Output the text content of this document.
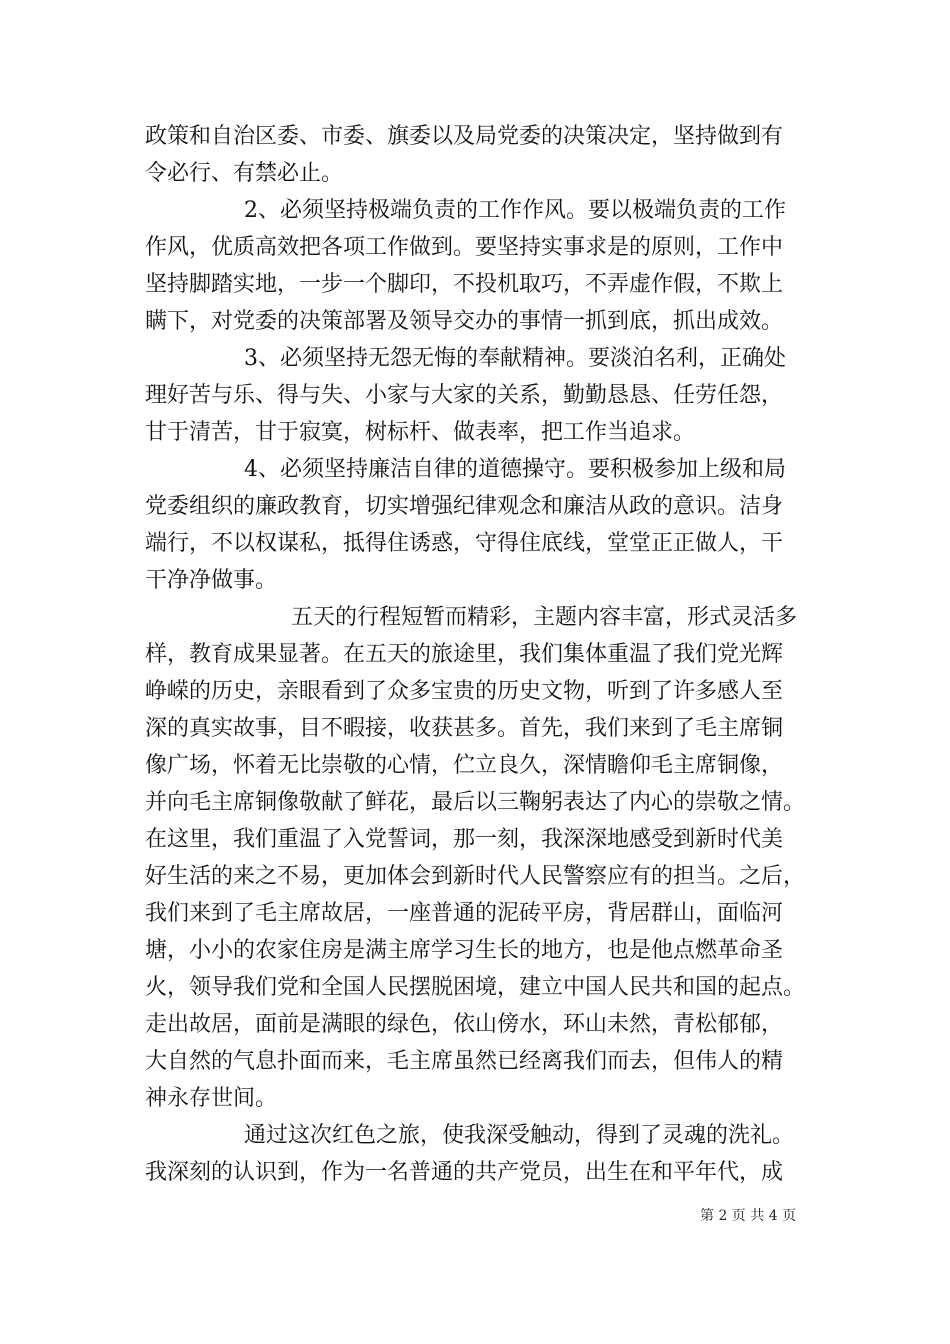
政策和自治区委、市委、旗委以及局党委的决策决定，坚持做到有
令必行、有禁必止。

2、必须坚持极端负责的工作作风。要以极端负责的工作
作风，优质高效把各项工作做到。要坚持实事求是的原则，工作中
坚持脚踏实地，一步一个脚印，不投机取巧，不弄虚作假，不欺上
瞒下，对党委的决策部署及领导交办的事情一抓到底，抓出成效。

3、必须坚持无怨无悔的奉献精神。要淡泊名利，正确处
理好苦与乐、得与失、小家与大家的关系，勤勤恳恳、任劳任怨，
甘于清苦，甘于寂寞，树标杆、做表率，把工作当追求。

4、必须坚持廉洁自律的道德操守。要积极参加上级和局
党委组织的廉政教育，切实增强纪律观念和廉洁从政的意识。洁身
端行，不以权谋私，抵得住诱惑，守得住底线，堂堂正正做人，干
干净净做事。

五天的行程短暂而精彩，主题内容丰富，形式灵活多
样，教育成果显著。在五天的旅途里，我们集体重温了我们党光辉
峥嵘的历史，亲眼看到了众多宝贵的历史文物，听到了许多感人至
深的真实故事，目不暇接，收获甚多。首先，我们来到了毛主席铜
像广场，怀着无比崇敬的心情，伫立良久，深情瞻仰毛主席铜像，
并向毛主席铜像敬献了鲜花，最后以三鞠躬表达了内心的崇敬之情。
在这里，我们重温了入党誓词，那一刻，我深深地感受到新时代美
好生活的来之不易，更加体会到新时代人民警察应有的担当。之后，
我们来到了毛主席故居，一座普通的泥砖平房，背居群山，面临河
塘，小小的农家住房是满主席学习生长的地方，也是他点燃革命圣
火，领导我们党和全国人民摆脱困境，建立中国人民共和国的起点。
走出故居，面前是满眼的绿色，依山傍水，环山未然，青松郁郁，
大自然的气息扑面而来，毛主席虽然已经离我们而去，但伟人的精
神永存世间。

通过这次红色之旅，使我深受触动，得到了灵魂的洗礼。
我深刻的认识到，作为一名普通的共产党员，出生在和平年代，成

第 2 页 共 4 页
